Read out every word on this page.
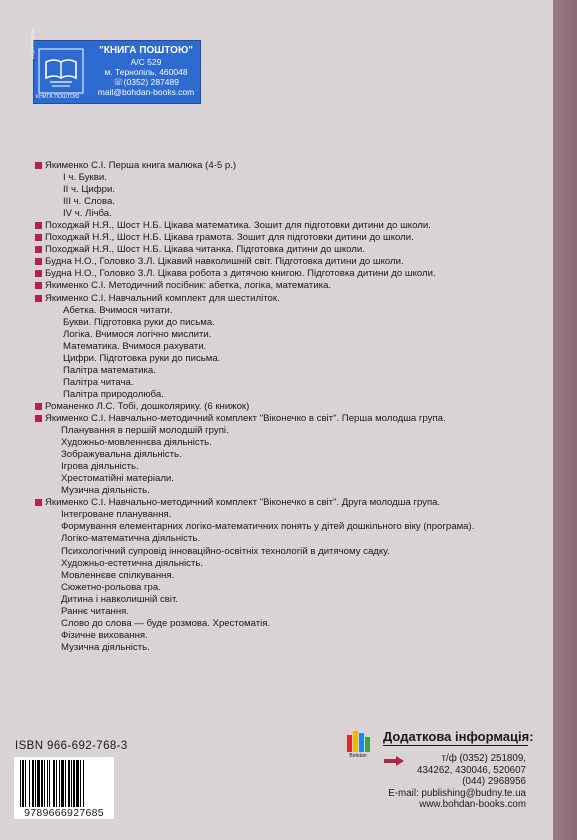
ВИДАВНИЦТВО
КНИГА ПОШТОЮ
"КНИГА ПОШТОЮ"
А/С 529
м. Тернопіль, 460048
☏(0352) 287489
mail@bohdan-books.com
Якименко С.І. Перша книга малюка (4-5 р.)
І ч. Букви.
ІІ ч. Цифри.
ІІІ ч. Слова.
IV ч. Лічба.
Походжай Н.Я., Шост Н.Б. Цікава математика. Зошит для підготовки дитини до школи.
Походжай Н.Я., Шост Н.Б. Цікава грамота. Зошит для підготовки дитини до школи.
Походжай Н.Я., Шост Н.Б. Цікава читанка. Підготовка дитини до школи.
Будна Н.О., Головко З.Л. Цікавий навколишній світ. Підготовка дитини до школи.
Будна Н.О., Головко З.Л. Цікава робота з дитячою книгою. Підготовка дитини до школи.
Якименко С.І. Методичний посібник: абетка, логіка, математика.
Якименко С.І. Навчальний комплект для шестиліток.
Абетка. Вчимося читати.
Букви. Підготовка руки до письма.
Логіка. Вчимося логічно мислити.
Математика. Вчимося рахувати.
Цифри. Підготовка руки до письма.
Палітра математика.
Палітра читача.
Палітра природолюба.
Романенко Л.С. Тобі, дошколярику. (6 книжок)
Якименко С.І. Навчально-методичний комплект "Віконечко в світ". Перша молодша група.
Планування в першій молодшій групі.
Художньо-мовленнєва діяльність.
Зображувальна діяльність.
Ігрова діяльність.
Хрестоматійні матеріали.
Музична діяльність.
Якименко С.І. Навчально-методичний комплект "Віконечко в світ". Друга молодша група.
Інтегроване планування.
Формування елементарних логіко-математичних понять у дітей дошкільного віку (програма).
Логіко-математична діяльність.
Психологічний супровід інноваційно-освітніх технологій в дитячому садку.
Художньо-естетична діяльність.
Мовленнєве спілкування.
Сюжетно-рольова гра.
Дитина і навколишній світ.
Раннє читання.
Слово до слова — буде розмова. Хрестоматія.
Фізичне виховання.
Музична діяльність.
ISBN 966-692-768-3
9789666927685
Bohdan
Додаткова інформація:
т/ф (0352) 251809,
434262, 430046, 520607
(044) 2968956
E-mail: publishing@budny.te.ua
www.bohdan-books.com
